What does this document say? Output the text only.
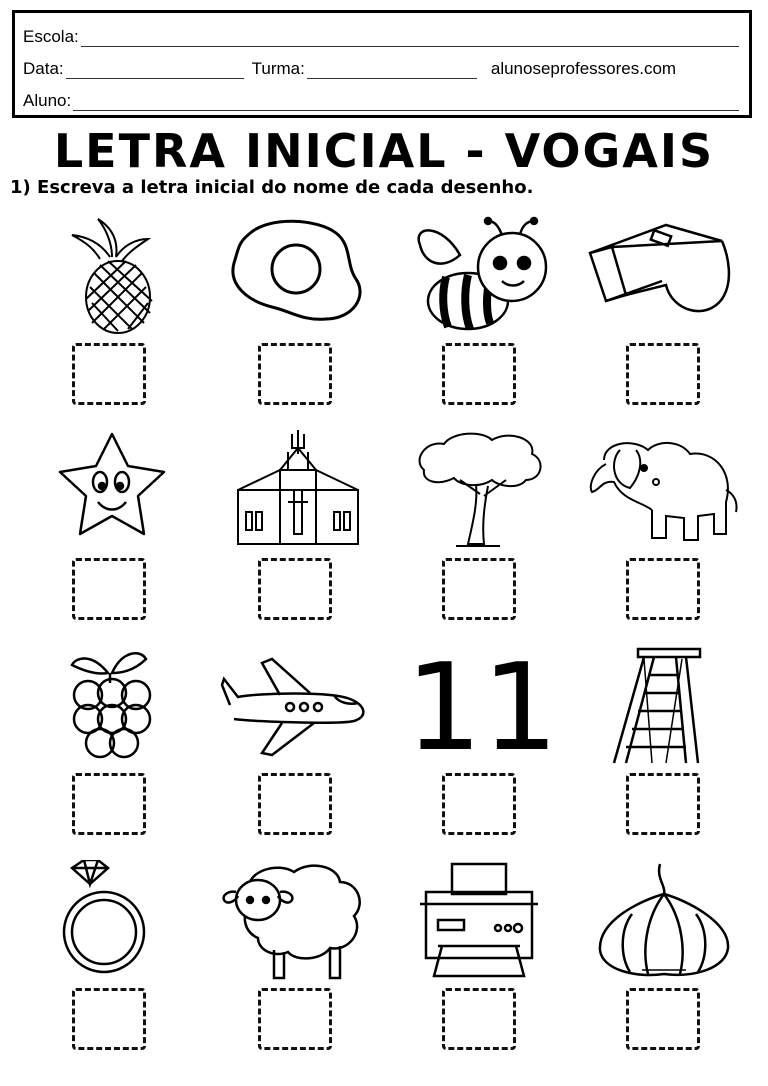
Escola:
Data:	Turma:	alunoseprofessores.com
Aluno:
LETRA INICIAL - VOGAIS
1) Escreva a letra inicial do nome de cada desenho.
11
